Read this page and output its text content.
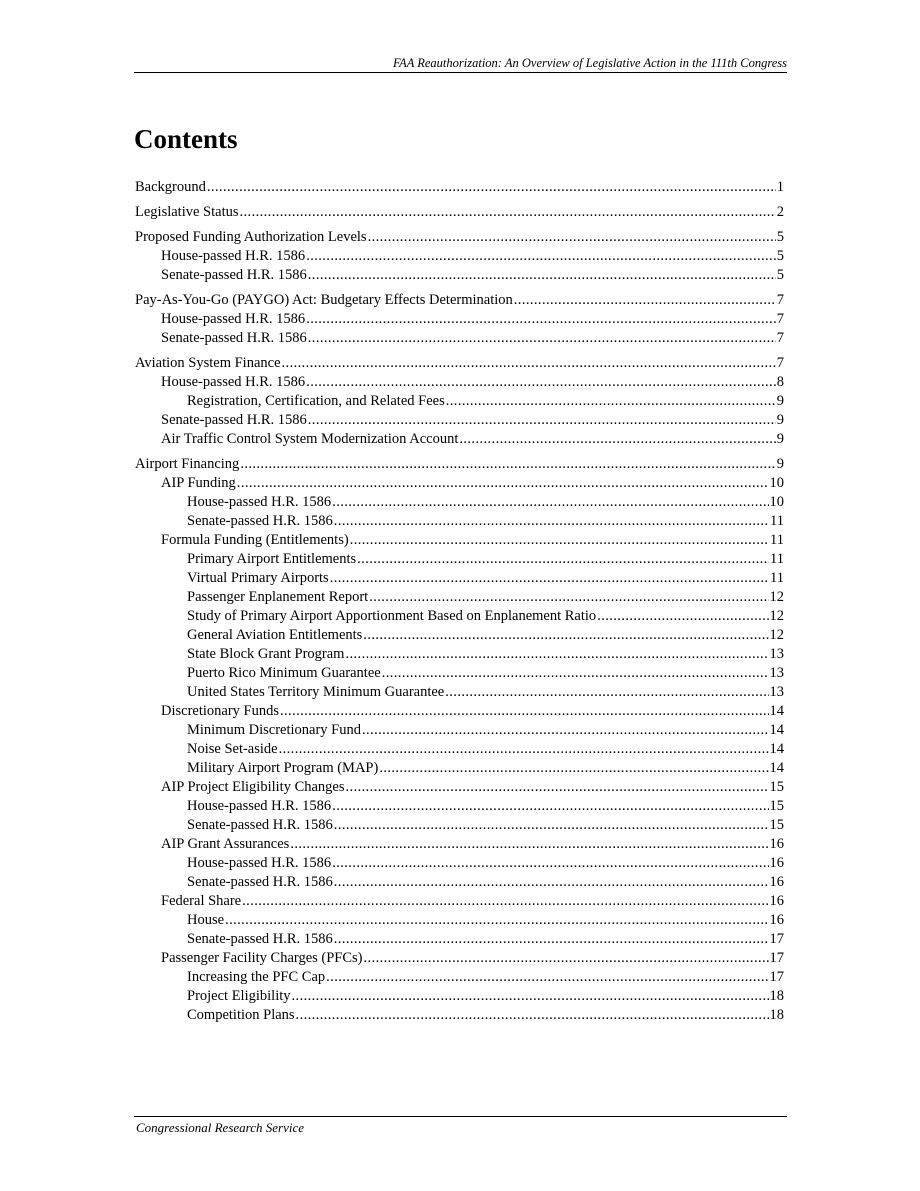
FAA Reauthorization: An Overview of Legislative Action in the 111th Congress
Contents
Background .....	1
Legislative Status .....	2
Proposed Funding Authorization Levels .....	5
House-passed H.R. 1586 .....	5
Senate-passed H.R. 1586 .....	5
Pay-As-You-Go (PAYGO) Act: Budgetary Effects Determination .....	7
House-passed H.R. 1586 .....	7
Senate-passed H.R. 1586 .....	7
Aviation System Finance .....	7
House-passed H.R. 1586 .....	8
Registration, Certification, and Related Fees .....	9
Senate-passed H.R. 1586 .....	9
Air Traffic Control System Modernization Account .....	9
Airport Financing .....	9
AIP Funding .....	10
House-passed H.R. 1586 .....	10
Senate-passed H.R. 1586 .....	11
Formula Funding (Entitlements) .....	11
Primary Airport Entitlements .....	11
Virtual Primary Airports .....	11
Passenger Enplanement Report .....	12
Study of Primary Airport Apportionment Based on Enplanement Ratio .....	12
General Aviation Entitlements .....	12
State Block Grant Program .....	13
Puerto Rico Minimum Guarantee .....	13
United States Territory Minimum Guarantee .....	13
Discretionary Funds .....	14
Minimum Discretionary Fund .....	14
Noise Set-aside .....	14
Military Airport Program (MAP) .....	14
AIP Project Eligibility Changes .....	15
House-passed H.R. 1586 .....	15
Senate-passed H.R. 1586 .....	15
AIP Grant Assurances .....	16
House-passed H.R. 1586 .....	16
Senate-passed H.R. 1586 .....	16
Federal Share .....	16
House .....	16
Senate-passed H.R. 1586 .....	17
Passenger Facility Charges (PFCs) .....	17
Increasing the PFC Cap .....	17
Project Eligibility .....	18
Competition Plans .....	18
Congressional Research Service
